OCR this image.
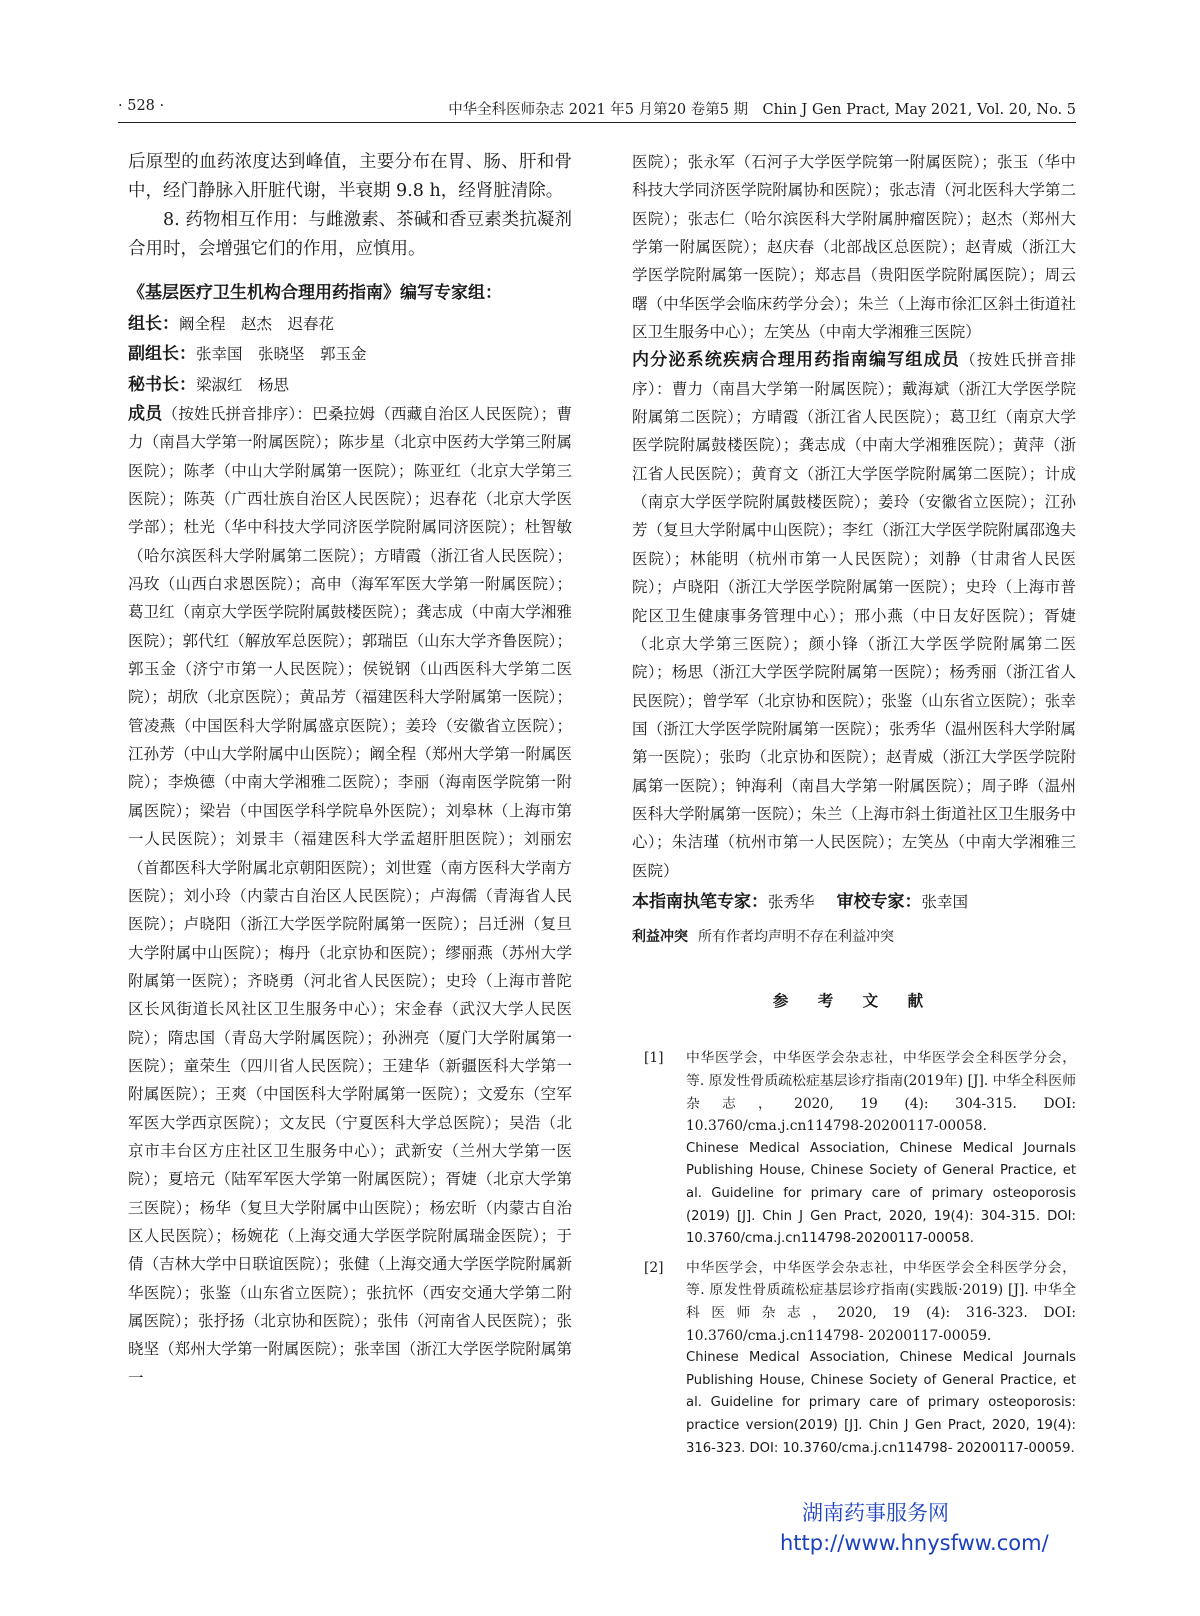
· 528 ·	中华全科医师杂志 2021 年5 月第20 卷第5 期　Chin J Gen Pract, May 2021, Vol. 20, No. 5

后原型的血药浓度达到峰值，主要分布在胃、肠、肝和骨中，经门静脉入肝脏代谢，半衰期 9.8 h，经肾脏清除。

8. 药物相互作用：与雌激素、茶碱和香豆素类抗凝剂合用时，会增强它们的作用，应慎用。

《基层医疗卫生机构合理用药指南》编写专家组：

组长：阚全程　赵杰　迟春花

副组长：张幸国　张晓坚　郭玉金

秘书长：梁淑红　杨思

成员（按姓氏拼音排序）：巴桑拉姆（西藏自治区人民医院）；曹力（南昌大学第一附属医院）；陈步星（北京中医药大学第三附属医院）；陈孝（中山大学附属第一医院）；陈亚红（北京大学第三医院）；陈英（广西壮族自治区人民医院）；迟春花（北京大学医学部）；杜光（华中科技大学同济医学院附属同济医院）；杜智敏（哈尔滨医科大学附属第二医院）；方晴霞（浙江省人民医院）；冯玫（山西白求恩医院）；高申（海军军医大学第一附属医院）；葛卫红（南京大学医学院附属鼓楼医院）；龚志成（中南大学湘雅医院）；郭代红（解放军总医院）；郭瑞臣（山东大学齐鲁医院）；郭玉金（济宁市第一人民医院）；侯锐钢（山西医科大学第二医院）；胡欣（北京医院）；黄品芳（福建医科大学附属第一医院）；管凌燕（中国医科大学附属盛京医院）；姜玲（安徽省立医院）；江孙芳（中山大学附属中山医院）；阚全程（郑州大学第一附属医院）；李焕德（中南大学湘雅二医院）；李丽（海南医学院第一附属医院）；梁岩（中国医学科学院阜外医院）；刘皋林（上海市第一人民医院）；刘景丰（福建医科大学孟超肝胆医院）；刘丽宏（首都医科大学附属北京朝阳医院）；刘世霆（南方医科大学南方医院）；刘小玲（内蒙古自治区人民医院）；卢海儒（青海省人民医院）；卢晓阳（浙江大学医学院附属第一医院）；吕迁洲（复旦大学附属中山医院）；梅丹（北京协和医院）；缪丽燕（苏州大学附属第一医院）；齐晓勇（河北省人民医院）；史玲（上海市普陀区长风街道长风社区卫生服务中心）；宋金春（武汉大学人民医院）；隋忠国（青岛大学附属医院）；孙洲亮（厦门大学附属第一医院）；童荣生（四川省人民医院）；王建华（新疆医科大学第一附属医院）；王爽（中国医科大学附属第一医院）；文爱东（空军军医大学西京医院）；文友民（宁夏医科大学总医院）；吴浩（北京市丰台区方庄社区卫生服务中心）；武新安（兰州大学第一医院）；夏培元（陆军军医大学第一附属医院）；胥婕（北京大学第三医院）；杨华（复旦大学附属中山医院）；杨宏昕（内蒙古自治区人民医院）；杨婉花（上海交通大学医学院附属瑞金医院）；于倩（吉林大学中日联谊医院）；张健（上海交通大学医学院附属新华医院）；张鉴（山东省立医院）；张抗怀（西安交通大学第二附属医院）；张抒扬（北京协和医院）；张伟（河南省人民医院）；张晓坚（郑州大学第一附属医院）；张幸国（浙江大学医学院附属第一

医院）；张永军（石河子大学医学院第一附属医院）；张玉（华中科技大学同济医学院附属协和医院）；张志清（河北医科大学第二医院）；张志仁（哈尔滨医科大学附属肿瘤医院）；赵杰（郑州大学第一附属医院）；赵庆春（北部战区总医院）；赵青威（浙江大学医学院附属第一医院）；郑志昌（贵阳医学院附属医院）；周云曙（中华医学会临床药学分会）；朱兰（上海市徐汇区斜土街道社区卫生服务中心）；左笑丛（中南大学湘雅三医院）

内分泌系统疾病合理用药指南编写组成员（按姓氏拼音排序）：曹力（南昌大学第一附属医院）；戴海斌（浙江大学医学院附属第二医院）；方晴霞（浙江省人民医院）；葛卫红（南京大学医学院附属鼓楼医院）；龚志成（中南大学湘雅医院）；黄萍（浙江省人民医院）；黄育文（浙江大学医学院附属第二医院）；计成（南京大学医学院附属鼓楼医院）；姜玲（安徽省立医院）；江孙芳（复旦大学附属中山医院）；李红（浙江大学医学院附属邵逸夫医院）；林能明（杭州市第一人民医院）；刘静（甘肃省人民医院）；卢晓阳（浙江大学医学院附属第一医院）；史玲（上海市普陀区卫生健康事务管理中心）；邢小燕（中日友好医院）；胥婕（北京大学第三医院）；颜小锋（浙江大学医学院附属第二医院）；杨思（浙江大学医学院附属第一医院）；杨秀丽（浙江省人民医院）；曾学军（北京协和医院）；张鉴（山东省立医院）；张幸国（浙江大学医学院附属第一医院）；张秀华（温州医科大学附属第一医院）；张昀（北京协和医院）；赵青威（浙江大学医学院附属第一医院）；钟海利（南昌大学第一附属医院）；周子晔（温州医科大学附属第一医院）；朱兰（上海市斜土街道社区卫生服务中心）；朱洁瑾（杭州市第一人民医院）；左笑丛（中南大学湘雅三医院）

本指南执笔专家：张秀华 审校专家：张幸国

利益冲突 所有作者均声明不存在利益冲突

参 考 文 献
[1] 中华医学会，中华医学会杂志社，中华医学会全科医学分会，等. 原发性骨质疏松症基层诊疗指南(2019年) [J]. 中华全科医师杂志，2020, 19 (4): 304-315. DOI: 10.3760/cma.j.cn114798-20200117-00058.
Chinese Medical Association, Chinese Medical Journals Publishing House, Chinese Society of General Practice, et al. Guideline for primary care of primary osteoporosis (2019) [J]. Chin J Gen Pract, 2020, 19(4): 304-315. DOI: 10.3760/cma.j.cn114798-20200117-00058.
[2] 中华医学会，中华医学会杂志社，中华医学会全科医学分会，等. 原发性骨质疏松症基层诊疗指南(实践版·2019) [J]. 中华全科医师杂志，2020, 19 (4): 316-323. DOI: 10.3760/cma.j.cn114798- 20200117-00059.
Chinese Medical Association, Chinese Medical Journals Publishing House, Chinese Society of General Practice, et al. Guideline for primary care of primary osteoporosis: practice version(2019) [J]. Chin J Gen Pract, 2020, 19(4): 316-323. DOI: 10.3760/cma.j.cn114798- 20200117-00059.
湖南药事服务网
http://www.hnysfww.com/
